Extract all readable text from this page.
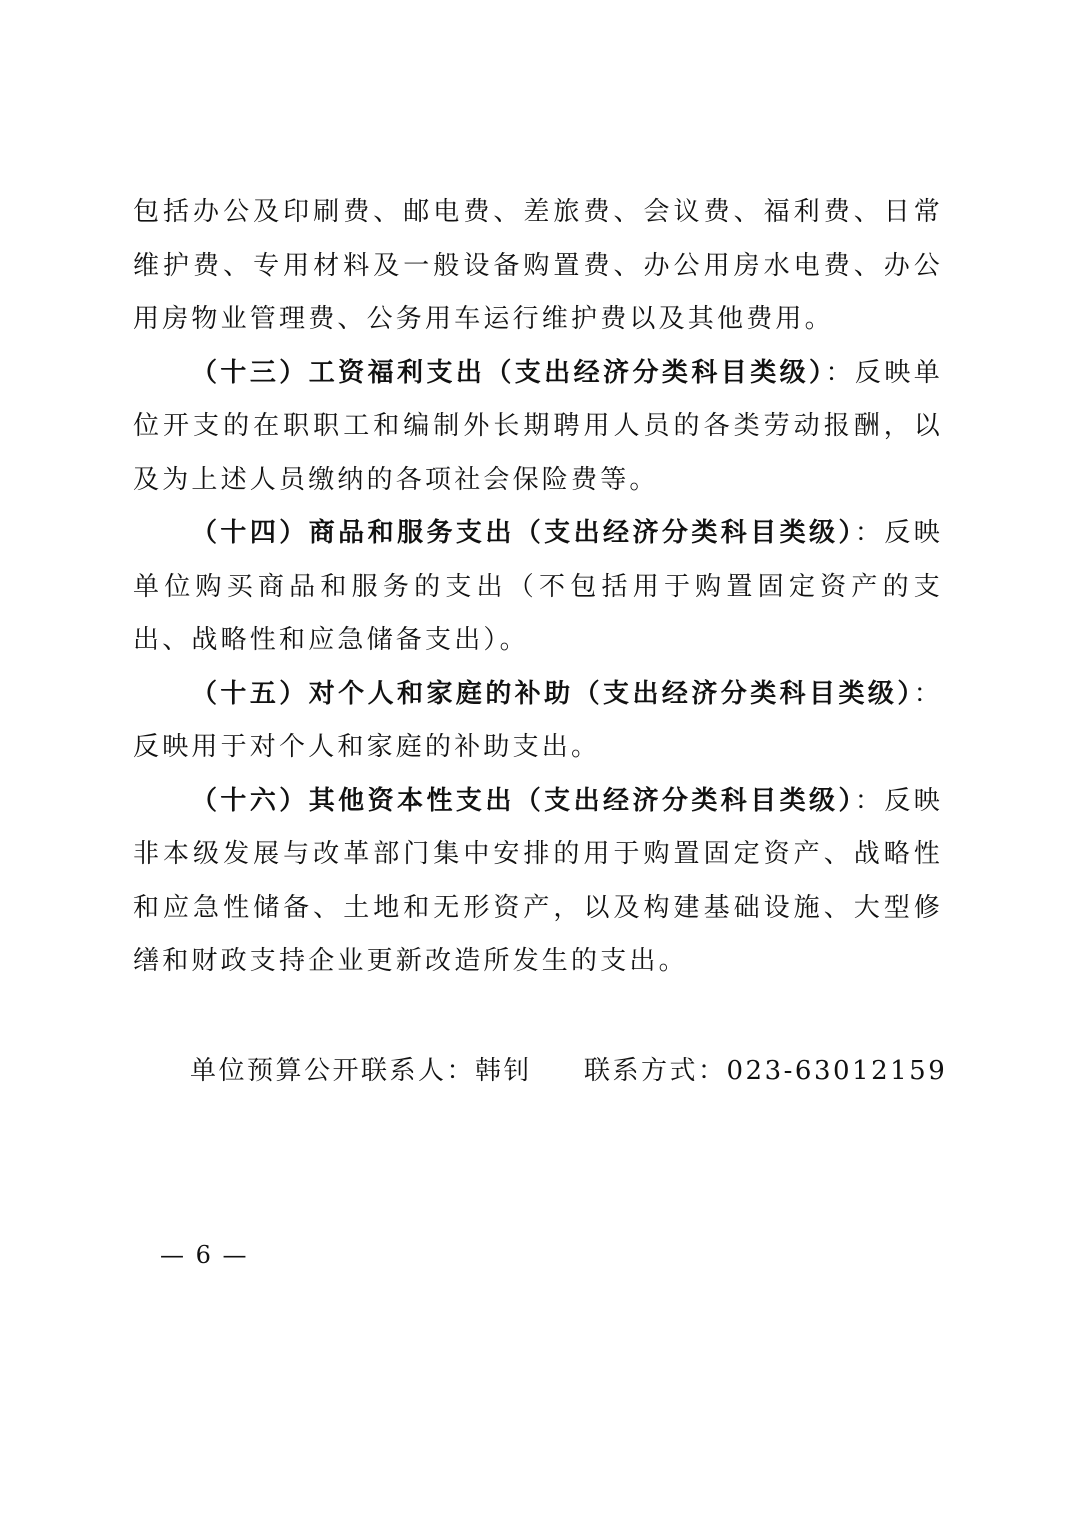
包括办公及印刷费、邮电费、差旅费、会议费、福利费、日常维护费、专用材料及一般设备购置费、办公用房水电费、办公用房物业管理费、公务用车运行维护费以及其他费用。

（十三）工资福利支出（支出经济分类科目类级）：反映单位开支的在职职工和编制外长期聘用人员的各类劳动报酬，以及为上述人员缴纳的各项社会保险费等。

（十四）商品和服务支出（支出经济分类科目类级）：反映单位购买商品和服务的支出（不包括用于购置固定资产的支出、战略性和应急储备支出）。

（十五）对个人和家庭的补助（支出经济分类科目类级）：反映用于对个人和家庭的补助支出。

（十六）其他资本性支出（支出经济分类科目类级）：反映非本级发展与改革部门集中安排的用于购置固定资产、战略性和应急性储备、土地和无形资产，以及构建基础设施、大型修缮和财政支持企业更新改造所发生的支出。

单位预算公开联系人：韩钊 联系方式：023-63012159
— 6 —
